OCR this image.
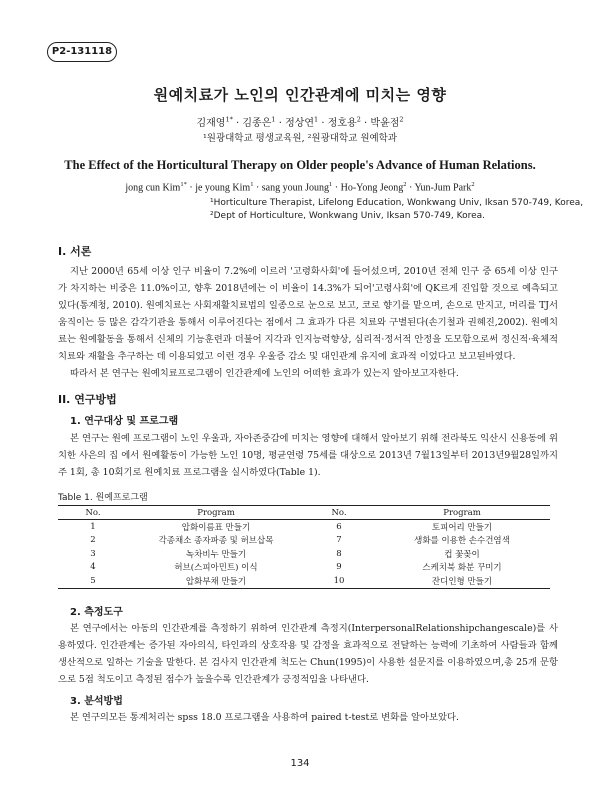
P2-131118
원예치료가 노인의 인간관계에 미치는 영향
김재영$^{1*}$ · 김종은$^1$ · 정상연$^1$ · 정호용$^2$ · 박윤점$^2$
¹원광대학교 평생교육원, ²원광대학교 원예학과
The Effect of the Horticultural Therapy on Older people's Advance of Human Relations.
jong cun Kim$^{1*}$ · je young Kim$^1$ · sang youn Joung$^1$ · Ho-Yong Jeong$^2$ · Yun-Jum Park$^2$
¹Horticulture Therapist, Lifelong Education, Wonkwang Univ, Iksan 570-749, Korea,
²Dept of Horticulture, Wonkwang Univ, Iksan 570-749, Korea.
I. 서론

지난 2000년 65세 이상 인구 비율이 7.2%에 이르러 '고령화사회'에 들어섰으며, 2010년 전체 인구 중 65세 이상 인구가 차지하는 비중은 11.0%이고, 향후 2018년에는 이 비율이 14.3%가 되어'고령사회'에 QK르게 진입할 것으로 예측되고 있다(통계청, 2010). 원예치료는 사회재활치료법의 일종으로 눈으로 보고, 코로 향기를 맡으며, 손으로 만지고, 머리를 TJ서 움직이는 등 많은 감각기관을 통해서 이루어진다는 점에서 그 효과가 다른 치료와 구별된다(손기철과 권혜진,2002). 원예치료는 원예활동을 통해서 신체의 기능훈련과 더불어 지각과 인지능력향상, 심리적·정서적 안정을 도모함으로써 정신적·육체적 치료와 재활을 추구하는 데 이용되었고 이런 경우 우울증 감소 및 대인관계 유지에 효과적 이었다고 보고된바였다.

따라서 본 연구는 원예치료프로그램이 인간관계에 노인의 어떠한 효과가 있는지 알아보고자한다.

II. 연구방법
1. 연구대상 및 프로그램

본 연구는 원예 프로그램이 노인 우울과, 자아존중감에 미치는 영향에 대해서 알아보기 위해 전라북도 익산시 신용동에 위치한 사은의 집 에서 원예활동이 가능한 노인 10명, 평균연령 75세를 대상으로 2013년 7월13일부터 2013년9월28일까지 주 1회, 총 10회기로 원예치료 프로그램을 실시하였다(Table 1).

Table 1. 원예프로그램
No.	Program	No.	Program
1	압화이름표 만들기	6	토피어리 만들기
2	각종채소 종자파종 및 허브삽목	7	생화를 이용한 손수건염색
3	녹차비누 만들기	8	컵 꽃꽂이
4	허브(스피아민트) 이식	9	스케치북 화분 꾸미기
5	압화부채 만들기	10	잔디인형 만들기
2. 측정도구

본 연구에서는 아동의 인간관계를 측정하기 위하여 인간관계 측정지(InterpersonalRelationshipchangescale)를 사용하였다. 인간관계는 증가된 자아의식, 타인과의 상호작용 및 감정을 효과적으로 전달하는 능력에 기초하여 사람들과 함께 생산적으로 일하는 기술을 말한다. 본 검사지 인간관계 척도는 Chun(1995)이 사용한 설문지를 이용하였으며,총 25개 문항으로 5점 척도이고 측정된 점수가 높을수록 인간관계가 긍정적임을 나타낸다.

3. 분석방법

본 연구의모든 통계처리는 spss 18.0 프로그램을 사용하여 paired t-test로 변화를 알아보았다.

134
